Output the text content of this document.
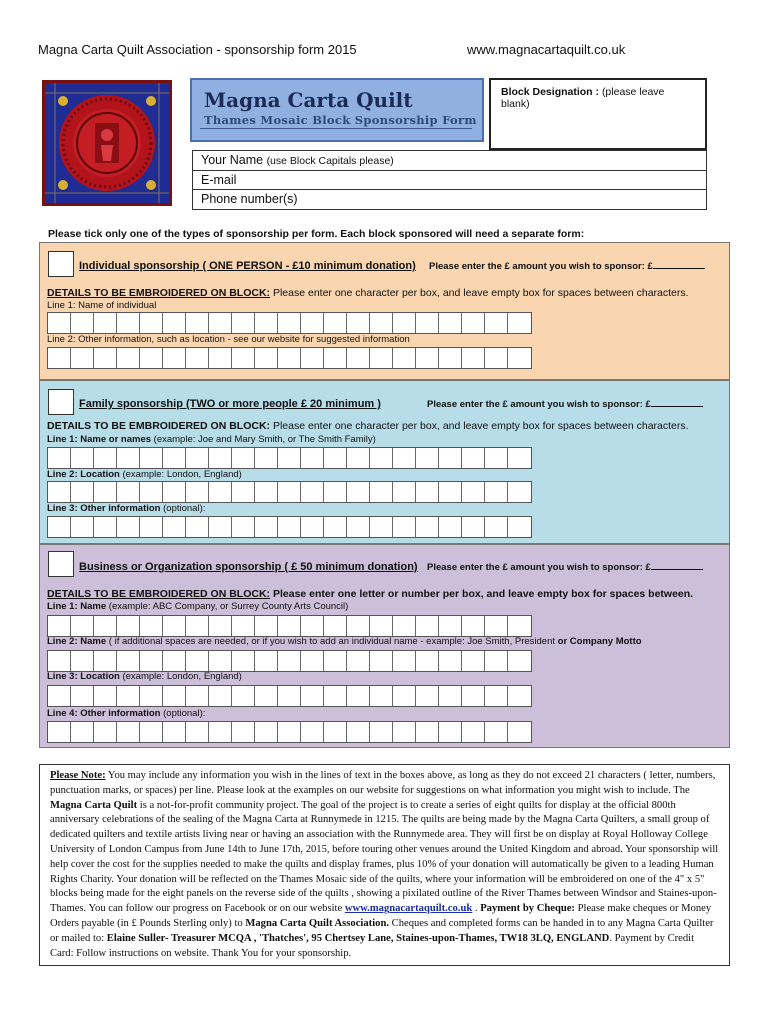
Magna Carta Quilt Association - sponsorship form 2015	www.magnacartaquilt.co.uk
Magna Carta Quilt
Thames Mosaic Block Sponsorship Form
Block Designation : (please leave blank)
Your Name (use Block Capitals please)
E-mail
Phone number(s)
Please tick only one of the types of sponsorship per form. Each block sponsored will need a separate form:
Individual sponsorship ( ONE PERSON - £10 minimum donation) Please enter the £ amount you wish to sponsor: £
DETAILS TO BE EMBROIDERED ON BLOCK: Please enter one character per box, and leave empty box for spaces between characters.
Line 1: Name of individual
Line 2: Other information, such as location - see our website for suggested information
Family sponsorship (TWO or more people £ 20 minimum )	Please enter the £ amount you wish to sponsor: £
DETAILS TO BE EMBROIDERED ON BLOCK: Please enter one character per box, and leave empty box for spaces between characters.
Line 1: Name or names (example: Joe and Mary Smith, or The Smith Family)
Line 2: Location (example: London, England)
Line 3: Other information (optional):
Business or Organization sponsorship ( £ 50 minimum donation) Please enter the £ amount you wish to sponsor: £
DETAILS TO BE EMBROIDERED ON BLOCK: Please enter one letter or number per box, and leave empty box for spaces between.
Line 1: Name (example: ABC Company, or Surrey County Arts Council)
Line 2: Name ( if additional spaces are needed, or if you wish to add an individual name - example: Joe Smith, President or Company Motto
Line 3: Location (example: London, England)
Line 4: Other information (optional):

Please Note: You may include any information you wish in the lines of text in the boxes above, as long as they do not exceed 21 characters ( letter, numbers, punctuation marks, or spaces) per line. Please look at the examples on our website for suggestions on what information you might wish to include. The Magna Carta Quilt is a not-for-profit community project. The goal of the project is to create a series of eight quilts for display at the official 800th anniversary celebrations of the sealing of the Magna Carta at Runnymede in 1215. The quilts are being made by the Magna Carta Quilters, a small group of dedicated quilters and textile artists living near or having an association with the Runnymede area. They will first be on display at Royal Holloway College University of London Campus from June 14th to June 17th, 2015, before touring other venues around the United Kingdom and abroad. Your sponsorship will help cover the cost for the supplies needed to make the quilts and display frames, plus 10% of your donation will automatically be given to a leading Human Rights Charity. Your donation will be reflected on the Thames Mosaic side of the quilts, where your information will be embroidered on one of the 4" x 5" blocks being made for the eight panels on the reverse side of the quilts , showing a pixilated outline of the River Thames between Windsor and Staines-upon-Thames. You can follow our progress on Facebook or on our website www.magnacartaquilt.co.uk . Payment by Cheque: Please make cheques or Money Orders payable (in £ Pounds Sterling only) to Magna Carta Quilt Association. Cheques and completed forms can be handed in to any Magna Carta Quilter or mailed to: Elaine Suller- Treasurer MCQA , 'Thatches', 95 Chertsey Lane, Staines-upon-Thames, TW18 3LQ, ENGLAND. Payment by Credit Card: Follow instructions on website. Thank You for your sponsorship.
